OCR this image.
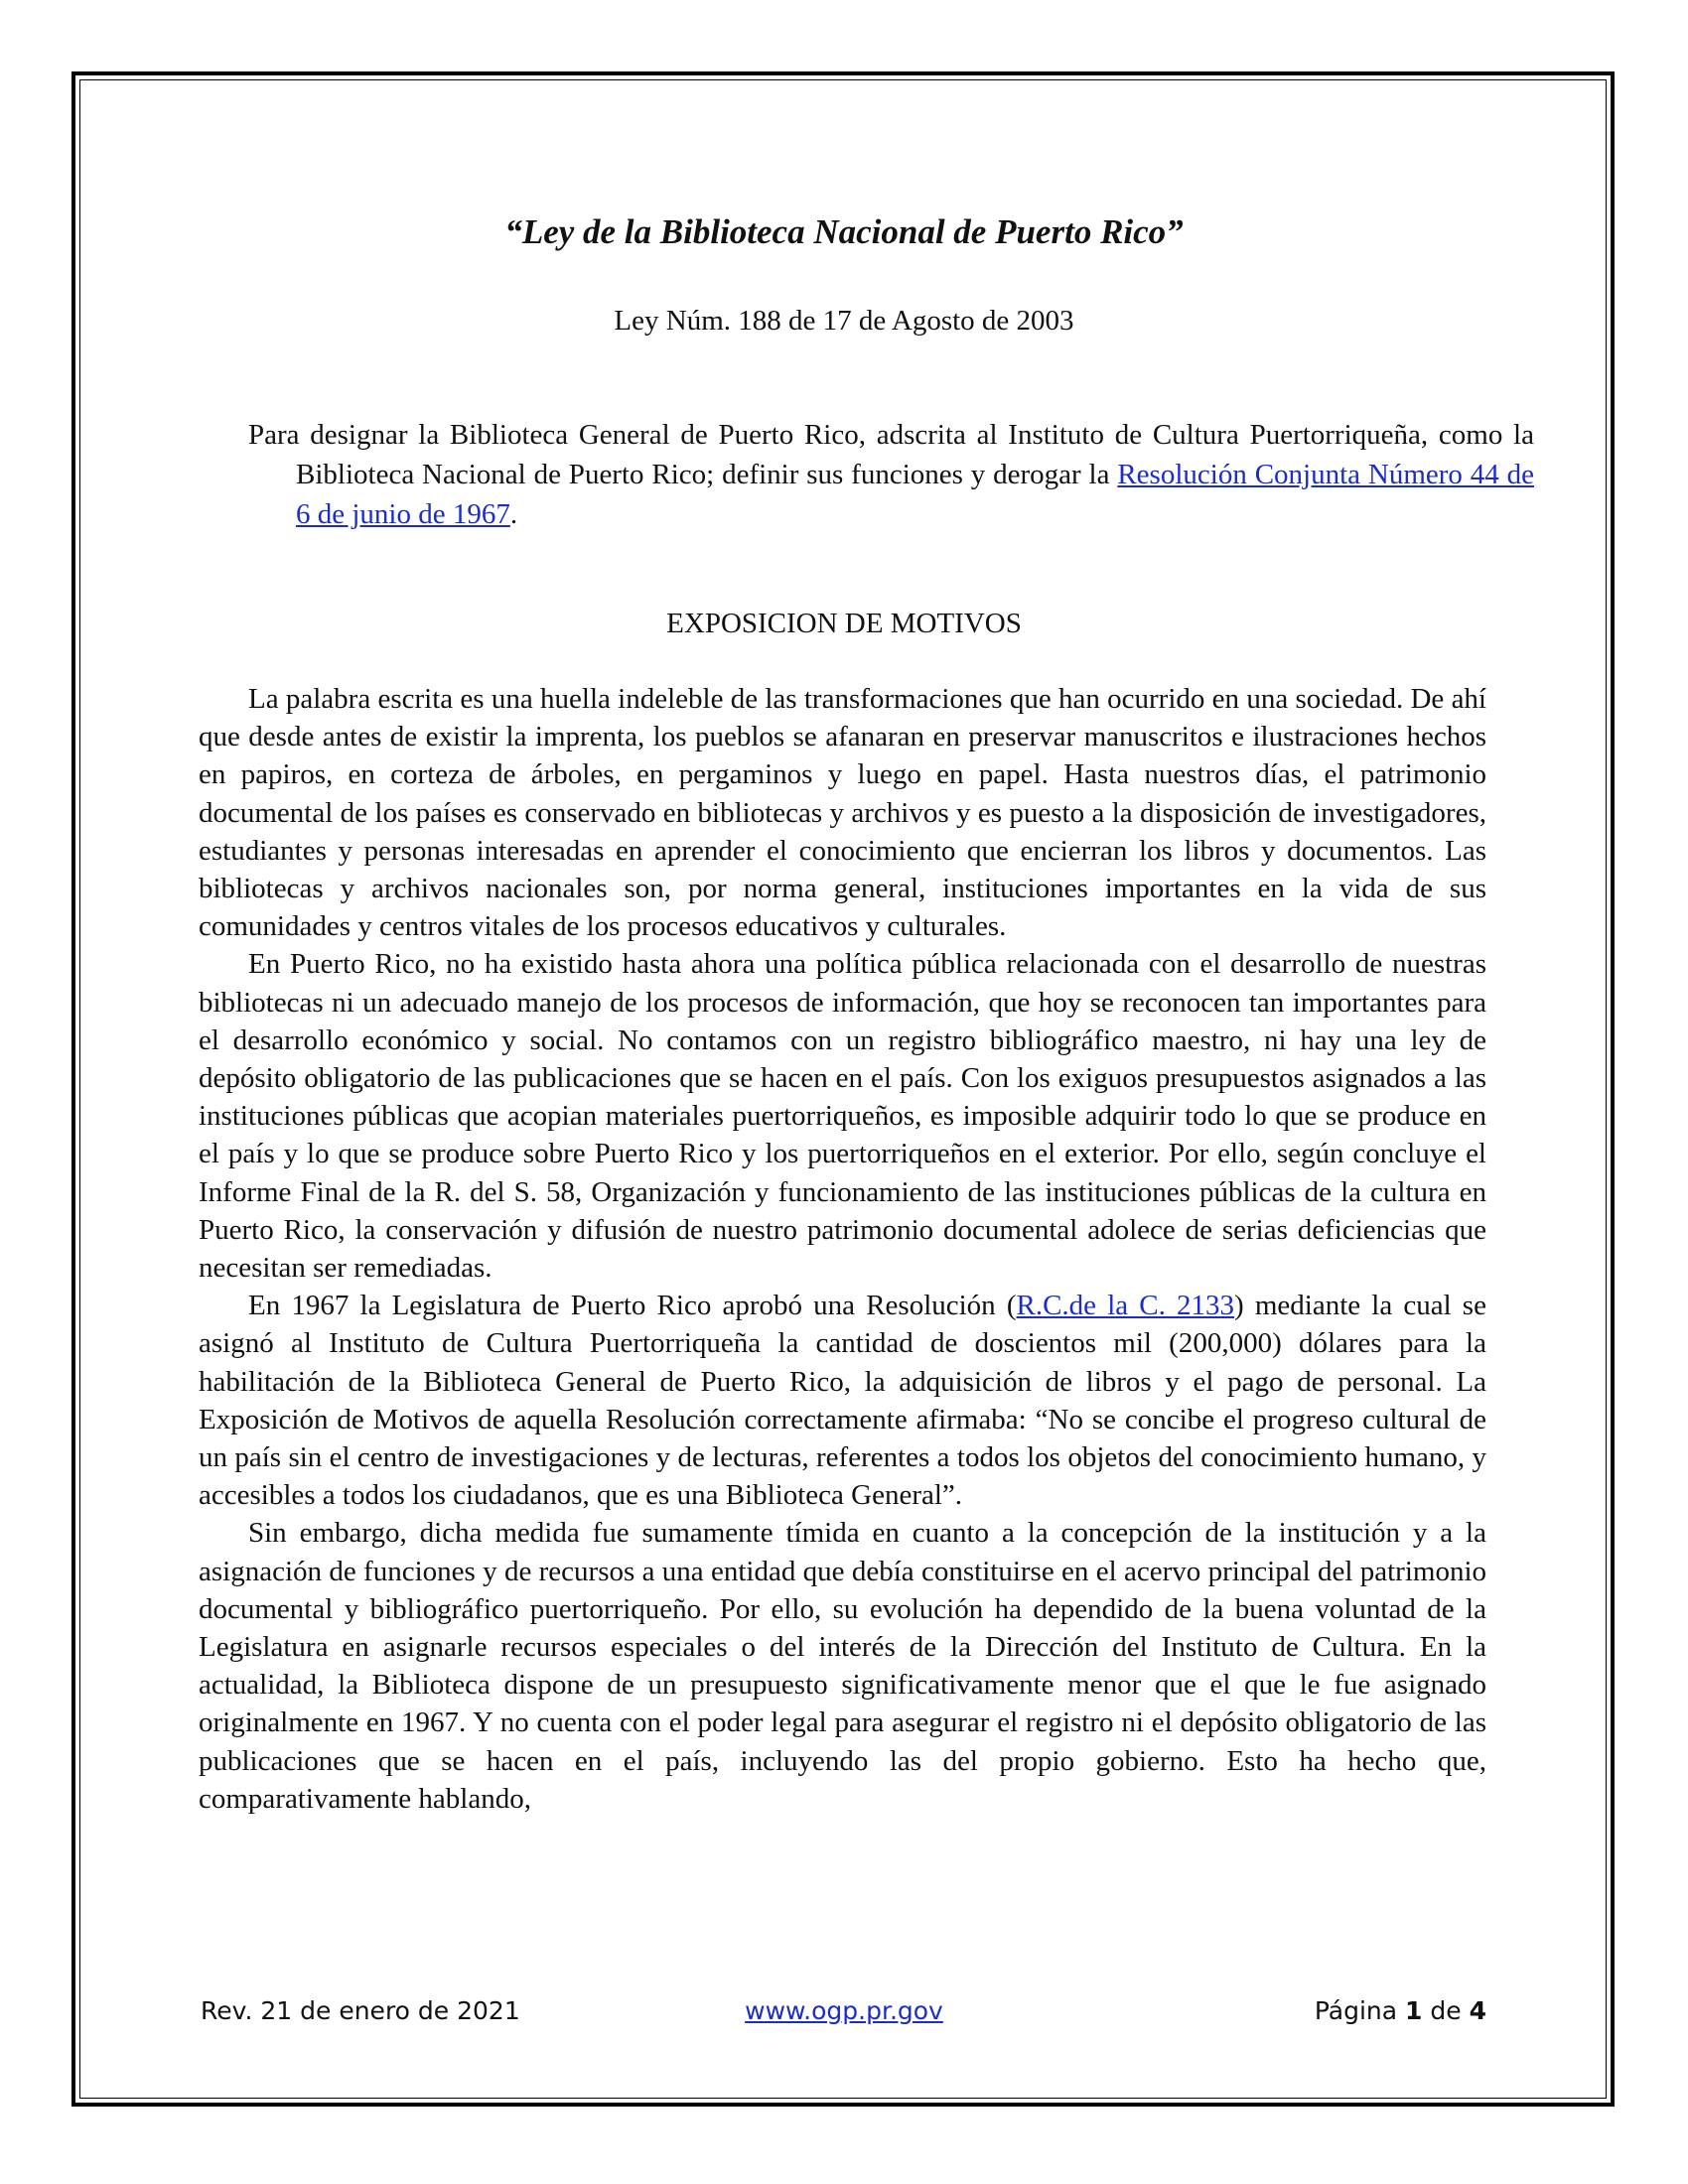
“Ley de la Biblioteca Nacional de Puerto Rico”
Ley Núm. 188 de 17 de Agosto de 2003
Para designar la Biblioteca General de Puerto Rico, adscrita al Instituto de Cultura Puertorriqueña, como la Biblioteca Nacional de Puerto Rico; definir sus funciones y derogar la Resolución Conjunta Número 44 de 6 de junio de 1967.
EXPOSICION DE MOTIVOS

La palabra escrita es una huella indeleble de las transformaciones que han ocurrido en una sociedad. De ahí que desde antes de existir la imprenta, los pueblos se afanaran en preservar manuscritos e ilustraciones hechos en papiros, en corteza de árboles, en pergaminos y luego en papel. Hasta nuestros días, el patrimonio documental de los países es conservado en bibliotecas y archivos y es puesto a la disposición de investigadores, estudiantes y personas interesadas en aprender el conocimiento que encierran los libros y documentos. Las bibliotecas y archivos nacionales son, por norma general, instituciones importantes en la vida de sus comunidades y centros vitales de los procesos educativos y culturales.

En Puerto Rico, no ha existido hasta ahora una política pública relacionada con el desarrollo de nuestras bibliotecas ni un adecuado manejo de los procesos de información, que hoy se reconocen tan importantes para el desarrollo económico y social. No contamos con un registro bibliográfico maestro, ni hay una ley de depósito obligatorio de las publicaciones que se hacen en el país. Con los exiguos presupuestos asignados a las instituciones públicas que acopian materiales puertorriqueños, es imposible adquirir todo lo que se produce en el país y lo que se produce sobre Puerto Rico y los puertorriqueños en el exterior. Por ello, según concluye el Informe Final de la R. del S. 58, Organización y funcionamiento de las instituciones públicas de la cultura en Puerto Rico, la conservación y difusión de nuestro patrimonio documental adolece de serias deficiencias que necesitan ser remediadas.

En 1967 la Legislatura de Puerto Rico aprobó una Resolución (R.C.de la C. 2133) mediante la cual se asignó al Instituto de Cultura Puertorriqueña la cantidad de doscientos mil (200,000) dólares para la habilitación de la Biblioteca General de Puerto Rico, la adquisición de libros y el pago de personal. La Exposición de Motivos de aquella Resolución correctamente afirmaba: “No se concibe el progreso cultural de un país sin el centro de investigaciones y de lecturas, referentes a todos los objetos del conocimiento humano, y accesibles a todos los ciudadanos, que es una Biblioteca General”.

Sin embargo, dicha medida fue sumamente tímida en cuanto a la concepción de la institución y a la asignación de funciones y de recursos a una entidad que debía constituirse en el acervo principal del patrimonio documental y bibliográfico puertorriqueño. Por ello, su evolución ha dependido de la buena voluntad de la Legislatura en asignarle recursos especiales o del interés de la Dirección del Instituto de Cultura. En la actualidad, la Biblioteca dispone de un presupuesto significativamente menor que el que le fue asignado originalmente en 1967. Y no cuenta con el poder legal para asegurar el registro ni el depósito obligatorio de las publicaciones que se hacen en el país, incluyendo las del propio gobierno. Esto ha hecho que, comparativamente hablando,

Rev. 21 de enero de 2021	www.ogp.pr.gov	Página 1 de 4
